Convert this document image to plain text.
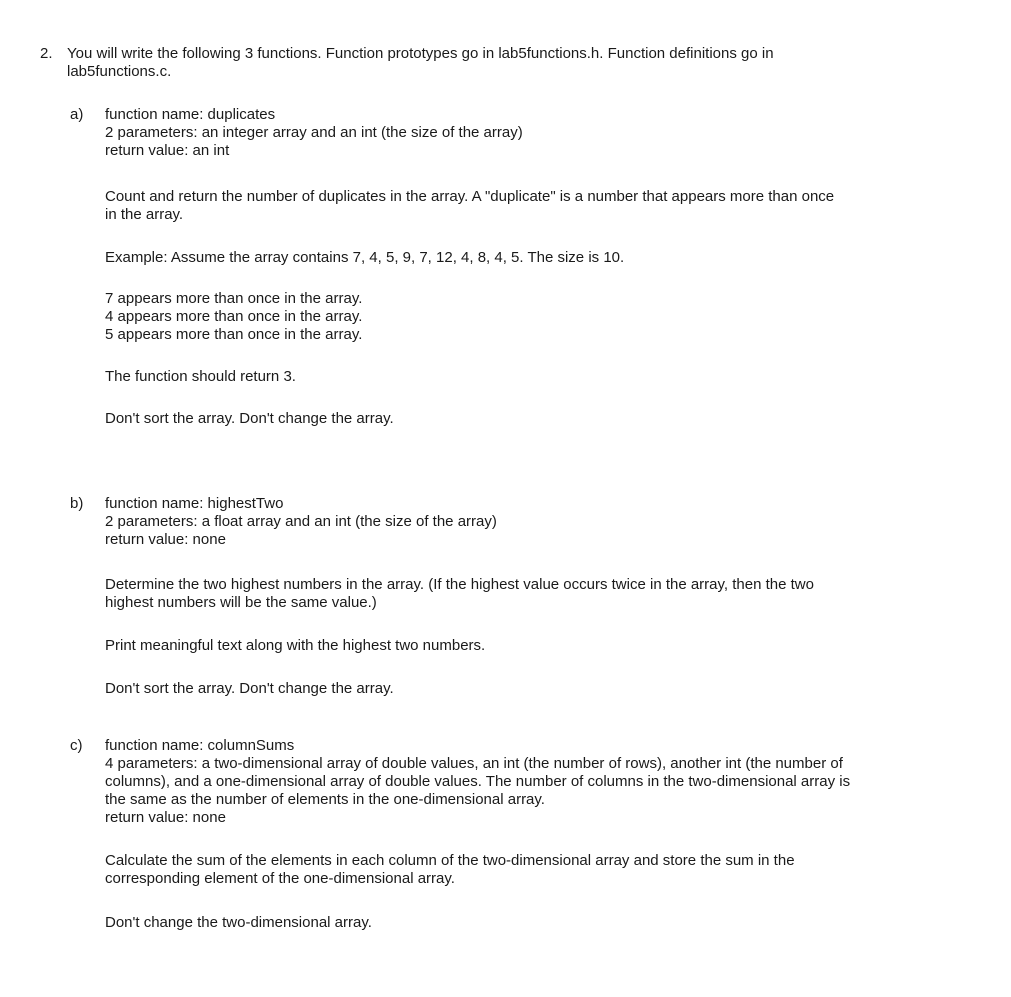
2. You will write the following 3 functions. Function prototypes go in lab5functions.h. Function definitions go in
lab5functions.c.
a) function name: duplicates
2 parameters: an integer array and an int (the size of the array)
return value: an int
Count and return the number of duplicates in the array. A "duplicate" is a number that appears more than once
in the array.
Example: Assume the array contains 7, 4, 5, 9, 7, 12, 4, 8, 4, 5. The size is 10.
7 appears more than once in the array.
4 appears more than once in the array.
5 appears more than once in the array.
The function should return 3.
Don't sort the array. Don't change the array.
b) function name: highestTwo
2 parameters: a float array and an int (the size of the array)
return value: none
Determine the two highest numbers in the array. (If the highest value occurs twice in the array, then the two
highest numbers will be the same value.)
Print meaningful text along with the highest two numbers.
Don't sort the array. Don't change the array.
c) function name: columnSums
4 parameters: a two-dimensional array of double values, an int (the number of rows), another int (the number of
columns), and a one-dimensional array of double values. The number of columns in the two-dimensional array is
the same as the number of elements in the one-dimensional array.
return value: none
Calculate the sum of the elements in each column of the two-dimensional array and store the sum in the
corresponding element of the one-dimensional array.
Don't change the two-dimensional array.
